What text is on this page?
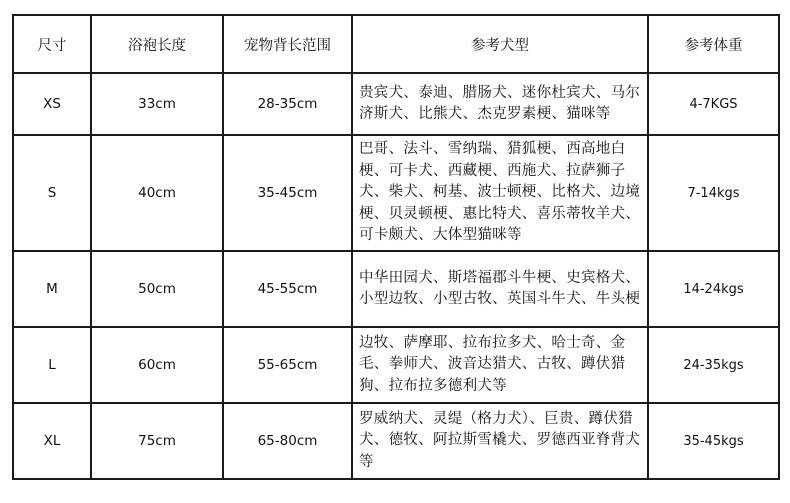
尺寸	浴袍长度	宠物背长范围	参考犬型	参考体重
XS	33cm	28-35cm	贵宾犬、泰迪、腊肠犬、迷你杜宾犬、马尔济斯犬、比熊犬、杰克罗素梗、猫咪等	4-7KGS
S	40cm	35-45cm	巴哥、法斗、雪纳瑞、猎狐梗、西高地白梗、可卡犬、西藏梗、西施犬、拉萨狮子犬、柴犬、柯基、波士顿梗、比格犬、边境梗、贝灵顿梗、惠比特犬、喜乐蒂牧羊犬、可卡颇犬、大体型猫咪等	7-14kgs
M	50cm	45-55cm	中华田园犬、斯塔福郡斗牛梗、史宾格犬、小型边牧、小型古牧、英国斗牛犬、牛头梗	14-24kgs
L	60cm	55-65cm	边牧、萨摩耶、拉布拉多犬、哈士奇、金毛、拳师犬、波音达猎犬、古牧、蹲伏猎狗、拉布拉多德利犬等	24-35kgs
XL	75cm	65-80cm	罗威纳犬、灵缇（格力犬）、巨贵、蹲伏猎犬、德牧、阿拉斯雪橇犬、罗德西亚脊背犬等	35-45kgs
